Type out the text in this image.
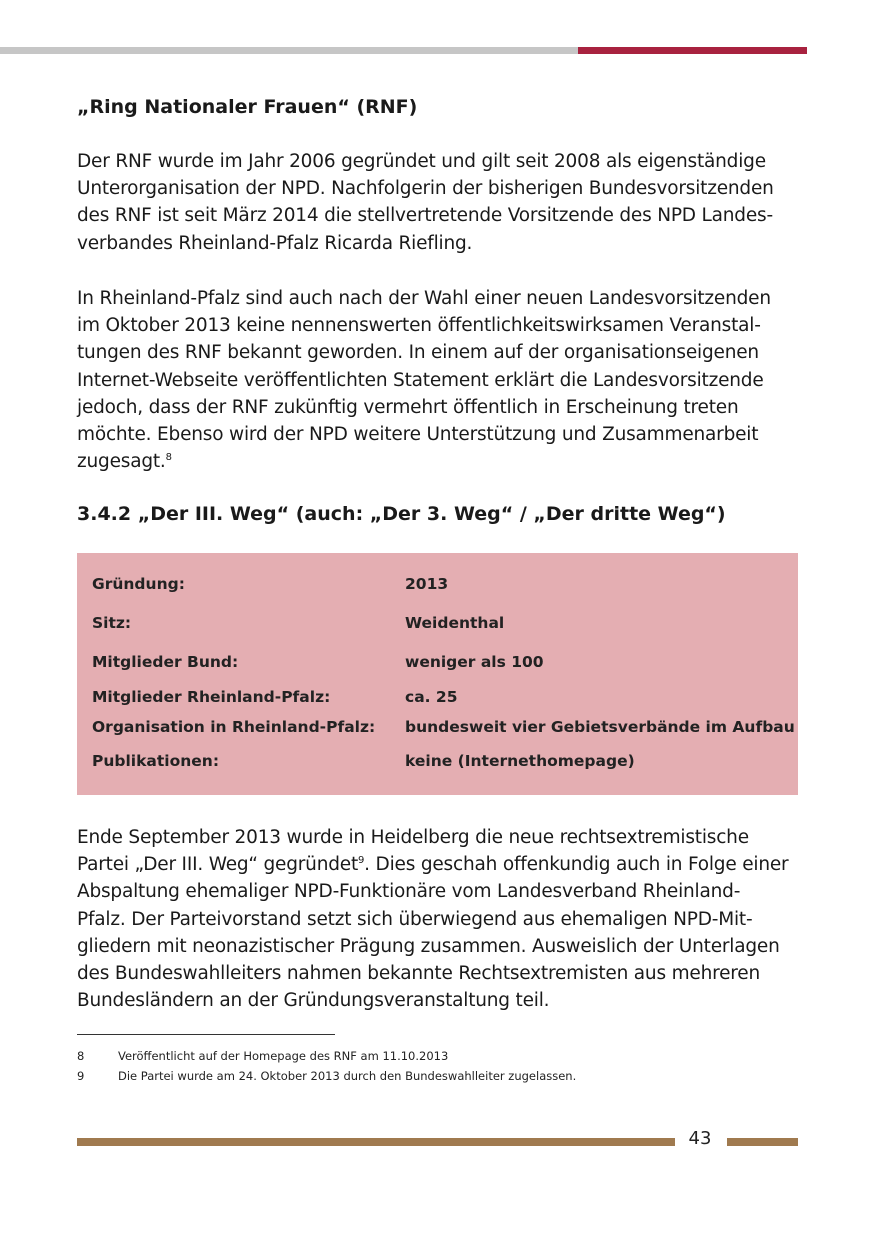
„Ring Nationaler Frauen“ (RNF)
Der RNF wurde im Jahr 2006 gegründet und gilt seit 2008 als eigenständige
Unterorganisation der NPD. Nachfolgerin der bisherigen Bundesvorsitzenden
des RNF ist seit März 2014 die stellvertretende Vorsitzende des NPD Landes-
verbandes Rheinland-Pfalz Ricarda Riefling.
In Rheinland-Pfalz sind auch nach der Wahl einer neuen Landesvorsitzenden
im Oktober 2013 keine nennenswerten öffentlichkeitswirksamen Veranstal-
tungen des RNF bekannt geworden. In einem auf der organisationseigenen
Internet-Webseite veröffentlichten Statement erklärt die Landesvorsitzende
jedoch, dass der RNF zukünftig vermehrt öffentlich in Erscheinung treten
möchte. Ebenso wird der NPD weitere Unterstützung und Zusammenarbeit
zugesagt.$^8$
3.4.2 „Der III. Weg“ (auch: „Der 3. Weg“ / „Der dritte Weg“)
Gründung:	2013
Sitz:	Weidenthal
Mitglieder Bund:	weniger als 100
Mitglieder Rheinland-Pfalz:	ca. 25
Organisation in Rheinland-Pfalz: bundesweit vier Gebietsverbände im Aufbau
Publikationen:	keine (Internethomepage)
Ende September 2013 wurde in Heidelberg die neue rechtsextremistische
Partei „Der III. Weg“ gegründet$^9$. Dies geschah offenkundig auch in Folge einer
Abspaltung ehemaliger NPD-Funktionäre vom Landesverband Rheinland-
Pfalz. Der Parteivorstand setzt sich überwiegend aus ehemaligen NPD-Mit-
gliedern mit neonazistischer Prägung zusammen. Ausweislich der Unterlagen
des Bundeswahlleiters nahmen bekannte Rechtsextremisten aus mehreren
Bundesländern an der Gründungsveranstaltung teil.
8	Veröffentlicht auf der Homepage des RNF am 11.10.2013
9	Die Partei wurde am 24. Oktober 2013 durch den Bundeswahlleiter zugelassen.
43
